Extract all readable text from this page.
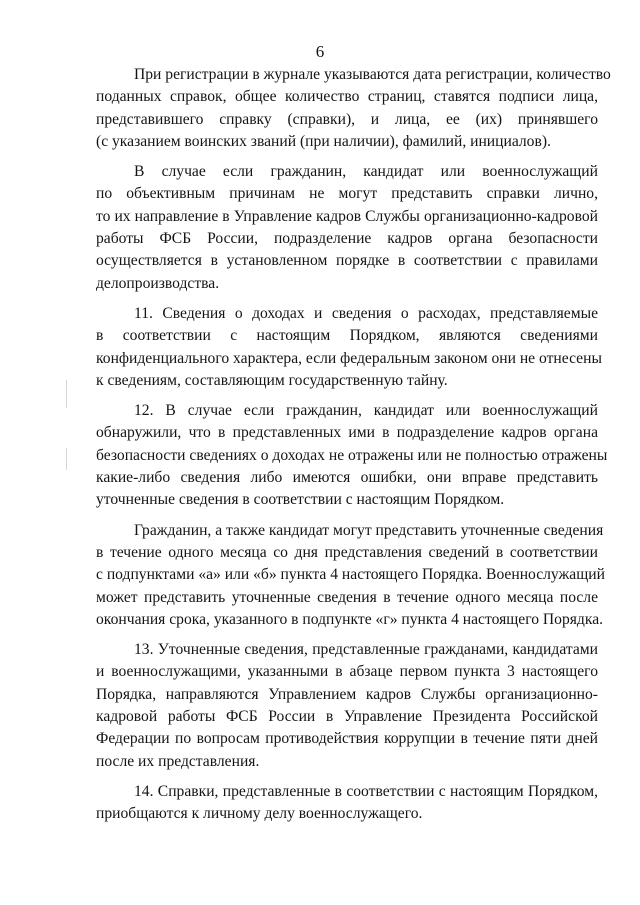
6

При регистрации в журнале указываются дата регистрации, количество
поданных справок, общее количество страниц, ставятся подписи лица,
представившего справку (справки), и лица, ее (их) принявшего
(с указанием воинских званий (при наличии), фамилий, инициалов).

В случае если гражданин, кандидат или военнослужащий
по объективным причинам не могут представить справки лично,
то их направление в Управление кадров Службы организационно-кадровой
работы ФСБ России, подразделение кадров органа безопасности
осуществляется в установленном порядке в соответствии с правилами
делопроизводства.

11. Сведения о доходах и сведения о расходах, представляемые
в соответствии с настоящим Порядком, являются сведениями
конфиденциального характера, если федеральным законом они не отнесены
к сведениям, составляющим государственную тайну.

12. В случае если гражданин, кандидат или военнослужащий
обнаружили, что в представленных ими в подразделение кадров органа
безопасности сведениях о доходах не отражены или не полностью отражены
какие-либо сведения либо имеются ошибки, они вправе представить
уточненные сведения в соответствии с настоящим Порядком.

Гражданин, а также кандидат могут представить уточненные сведения
в течение одного месяца со дня представления сведений в соответствии
с подпунктами «а» или «б» пункта 4 настоящего Порядка. Военнослужащий
может представить уточненные сведения в течение одного месяца после
окончания срока, указанного в подпункте «г» пункта 4 настоящего Порядка.

13. Уточненные сведения, представленные гражданами, кандидатами
и военнослужащими, указанными в абзаце первом пункта 3 настоящего
Порядка, направляются Управлением кадров Службы организационно-
кадровой работы ФСБ России в Управление Президента Российской
Федерации по вопросам противодействия коррупции в течение пяти дней
после их представления.

14. Справки, представленные в соответствии с настоящим Порядком,
приобщаются к личному делу военнослужащего.
